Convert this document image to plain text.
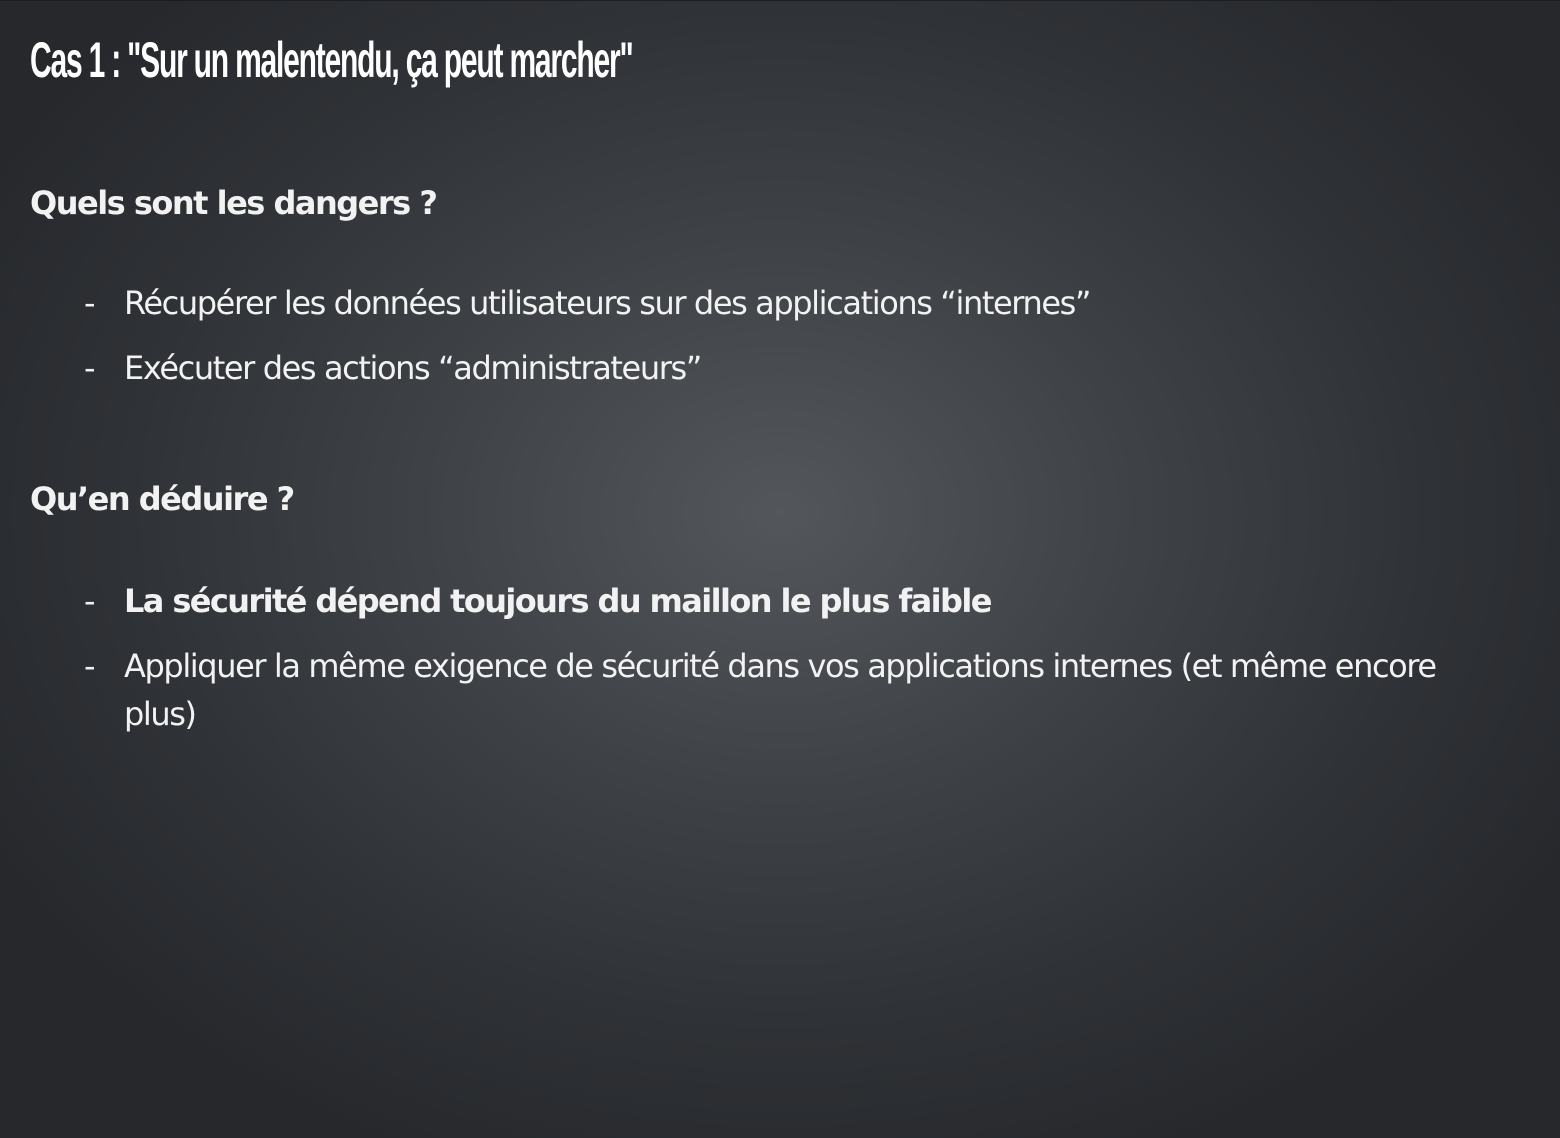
Cas 1 : "Sur un malentendu, ça peut marcher"
Quels sont les dangers ?
- Récupérer les données utilisateurs sur des applications “internes”
- Exécuter des actions “administrateurs”
Qu’en déduire ?
- La sécurité dépend toujours du maillon le plus faible
- Appliquer la même exigence de sécurité dans vos applications internes (et même encore plus)
